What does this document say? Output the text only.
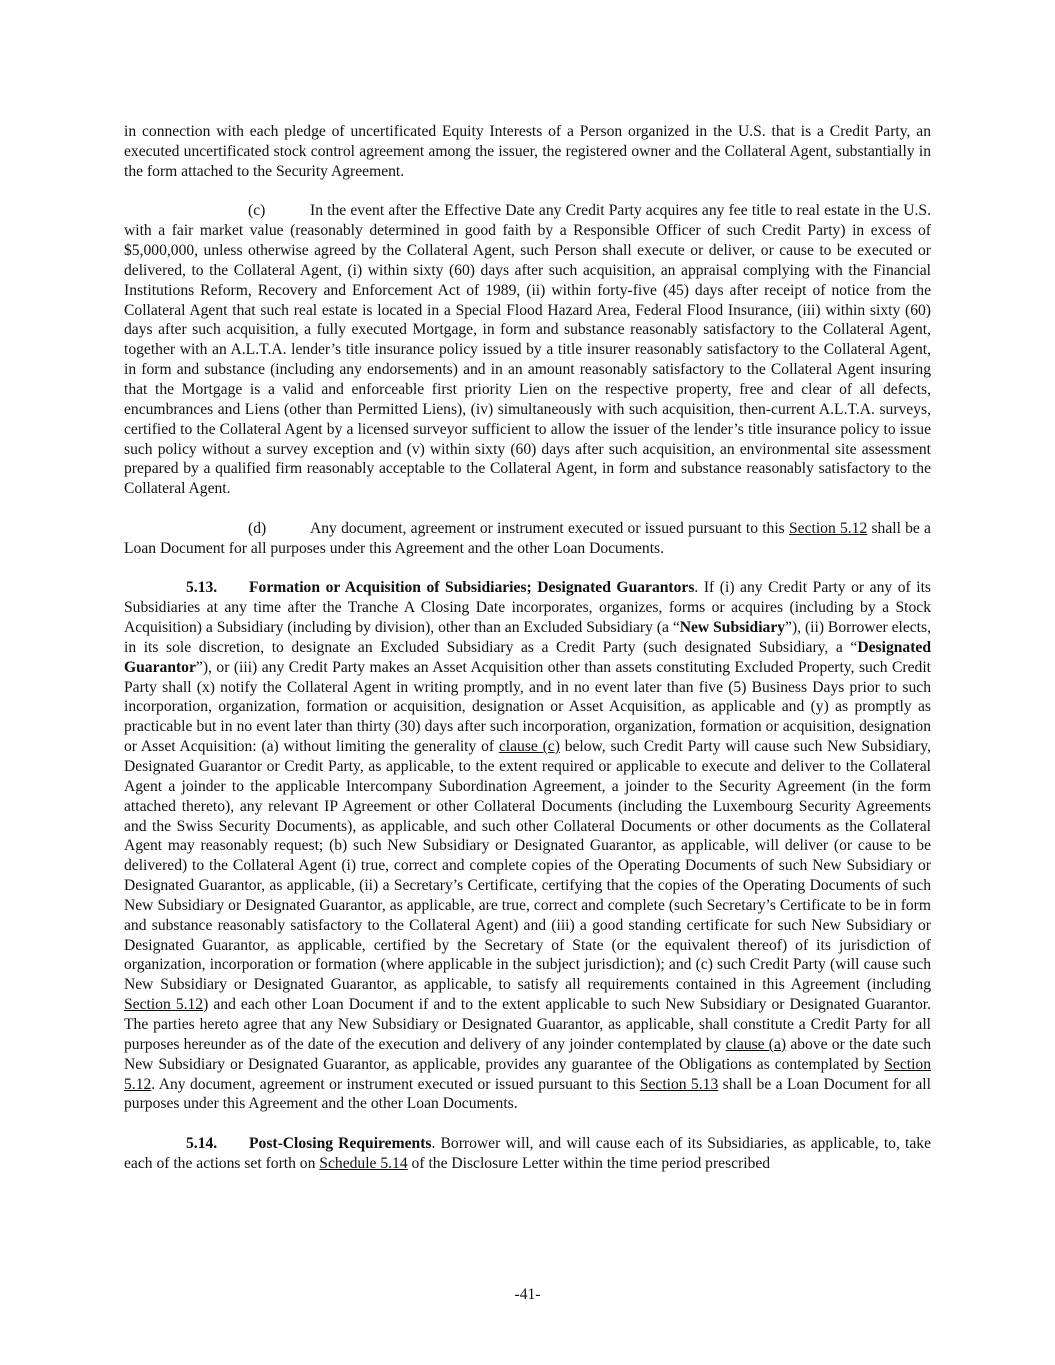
in connection with each pledge of uncertificated Equity Interests of a Person organized in the U.S. that is a Credit Party, an executed uncertificated stock control agreement among the issuer, the registered owner and the Collateral Agent, substantially in the form attached to the Security Agreement.

(c)	In the event after the Effective Date any Credit Party acquires any fee title to real estate in the U.S. with a fair market value (reasonably determined in good faith by a Responsible Officer of such Credit Party) in excess of $5,000,000, unless otherwise agreed by the Collateral Agent, such Person shall execute or deliver, or cause to be executed or delivered, to the Collateral Agent, (i) within sixty (60) days after such acquisition, an appraisal complying with the Financial Institutions Reform, Recovery and Enforcement Act of 1989, (ii) within forty-five (45) days after receipt of notice from the Collateral Agent that such real estate is located in a Special Flood Hazard Area, Federal Flood Insurance, (iii) within sixty (60) days after such acquisition, a fully executed Mortgage, in form and substance reasonably satisfactory to the Collateral Agent, together with an A.L.T.A. lender’s title insurance policy issued by a title insurer reasonably satisfactory to the Collateral Agent, in form and substance (including any endorsements) and in an amount reasonably satisfactory to the Collateral Agent insuring that the Mortgage is a valid and enforceable first priority Lien on the respective property, free and clear of all defects, encumbrances and Liens (other than Permitted Liens), (iv) simultaneously with such acquisition, then-current A.L.T.A. surveys, certified to the Collateral Agent by a licensed surveyor sufficient to allow the issuer of the lender’s title insurance policy to issue such policy without a survey exception and (v) within sixty (60) days after such acquisition, an environmental site assessment prepared by a qualified firm reasonably acceptable to the Collateral Agent, in form and substance reasonably satisfactory to the Collateral Agent.

(d)	Any document, agreement or instrument executed or issued pursuant to this Section 5.12 shall be a Loan Document for all purposes under this Agreement and the other Loan Documents.

5.13. Formation or Acquisition of Subsidiaries; Designated Guarantors. If (i) any Credit Party or any of its Subsidiaries at any time after the Tranche A Closing Date incorporates, organizes, forms or acquires (including by a Stock Acquisition) a Subsidiary (including by division), other than an Excluded Subsidiary (a “New Subsidiary”), (ii) Borrower elects, in its sole discretion, to designate an Excluded Subsidiary as a Credit Party (such designated Subsidiary, a “Designated Guarantor”), or (iii) any Credit Party makes an Asset Acquisition other than assets constituting Excluded Property, such Credit Party shall (x) notify the Collateral Agent in writing promptly, and in no event later than five (5) Business Days prior to such incorporation, organization, formation or acquisition, designation or Asset Acquisition, as applicable and (y) as promptly as practicable but in no event later than thirty (30) days after such incorporation, organization, formation or acquisition, designation or Asset Acquisition: (a) without limiting the generality of clause (c) below, such Credit Party will cause such New Subsidiary, Designated Guarantor or Credit Party, as applicable, to the extent required or applicable to execute and deliver to the Collateral Agent a joinder to the applicable Intercompany Subordination Agreement, a joinder to the Security Agreement (in the form attached thereto), any relevant IP Agreement or other Collateral Documents (including the Luxembourg Security Agreements and the Swiss Security Documents), as applicable, and such other Collateral Documents or other documents as the Collateral Agent may reasonably request; (b) such New Subsidiary or Designated Guarantor, as applicable, will deliver (or cause to be delivered) to the Collateral Agent (i) true, correct and complete copies of the Operating Documents of such New Subsidiary or Designated Guarantor, as applicable, (ii) a Secretary’s Certificate, certifying that the copies of the Operating Documents of such New Subsidiary or Designated Guarantor, as applicable, are true, correct and complete (such Secretary’s Certificate to be in form and substance reasonably satisfactory to the Collateral Agent) and (iii) a good standing certificate for such New Subsidiary or Designated Guarantor, as applicable, certified by the Secretary of State (or the equivalent thereof) of its jurisdiction of organization, incorporation or formation (where applicable in the subject jurisdiction); and (c) such Credit Party (will cause such New Subsidiary or Designated Guarantor, as applicable, to satisfy all requirements contained in this Agreement (including Section 5.12) and each other Loan Document if and to the extent applicable to such New Subsidiary or Designated Guarantor. The parties hereto agree that any New Subsidiary or Designated Guarantor, as applicable, shall constitute a Credit Party for all purposes hereunder as of the date of the execution and delivery of any joinder contemplated by clause (a) above or the date such New Subsidiary or Designated Guarantor, as applicable, provides any guarantee of the Obligations as contemplated by Section 5.12. Any document, agreement or instrument executed or issued pursuant to this Section 5.13 shall be a Loan Document for all purposes under this Agreement and the other Loan Documents.

5.14. Post-Closing Requirements. Borrower will, and will cause each of its Subsidiaries, as applicable, to, take each of the actions set forth on Schedule 5.14 of the Disclosure Letter within the time period prescribed

-41-
